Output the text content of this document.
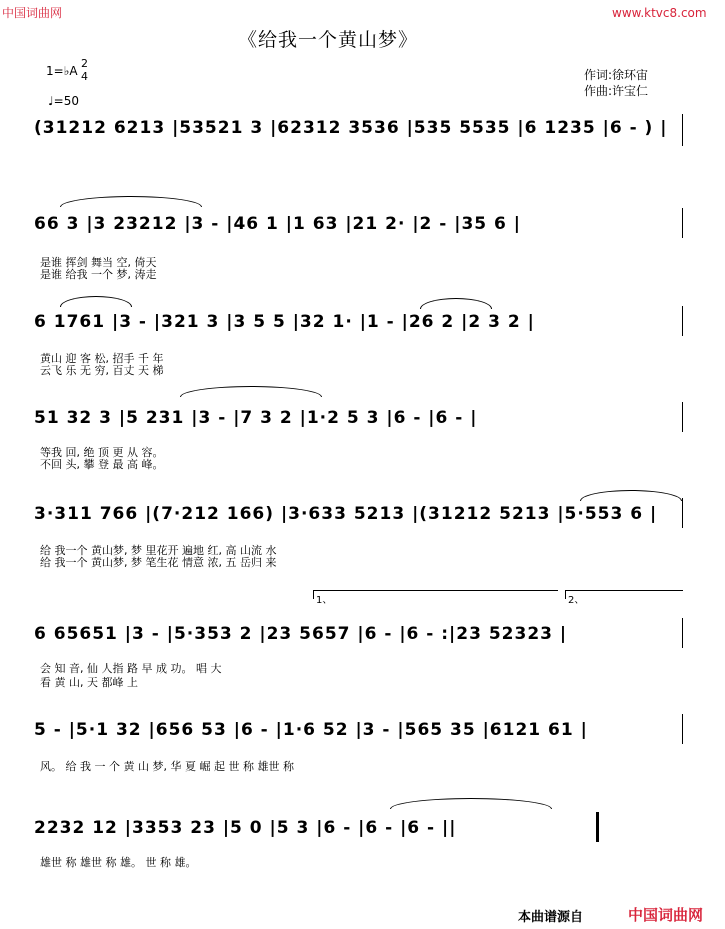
中国词曲网	www.ktvc8.com
《给我一个黄山梦》
1=♭A
2
4
♩=50
作词:徐环宙
作曲:许宝仁
(31212 6213 |53521 3 |62312 3536 |535 5535 |6 1235 |6 - ) |
66 3 |3 23212 |3 - |46 1 |1 63 |21 2· |2 - |35 6 |
是谁 挥剑 舞当 空, 倚天
是谁 给我 一个 梦, 涛走
6 1761 |3 - |321 3 |3 5 5 |32 1· |1 - |26 2 |2 3 2 |
黄山 迎 客 松, 招手 千 年
云飞 乐 无 穷, 百丈 天 梯
51 32 3 |5 231 |3 - |7 3 2 |1·2 5 3 |6 - |6 - |
等我 回, 绝 顶 更 从 容。
不回 头, 攀 登 最 高 峰。
3·311 766 |(7·212 166) |3·633 5213 |(31212 5213 |5·553 6 |
给 我一个 黄山梦, 梦 里花开 遍地 红, 高 山流 水
给 我一个 黄山梦, 梦 笔生花 情意 浓, 五 岳归 来
1、	2、
6 65651 |3 - |5·353 2 |23 5657 |6 - |6 - :|23 52323 |
会 知 音, 仙 人指 路 早 成 功。 唱 大
看 黄 山, 天 都峰 上
5 - |5·1 32 |656 53 |6 - |1·6 52 |3 - |565 35 |6121 61 |
风。 给 我 一 个 黄 山 梦, 华 夏 崛 起 世 称 雄世 称
2232 12 |3353 23 |5 0 |5 3 |6 - |6 - |6 - ||
雄世 称 雄世 称 雄。 世 称 雄。
本曲谱源自	中国词曲网
